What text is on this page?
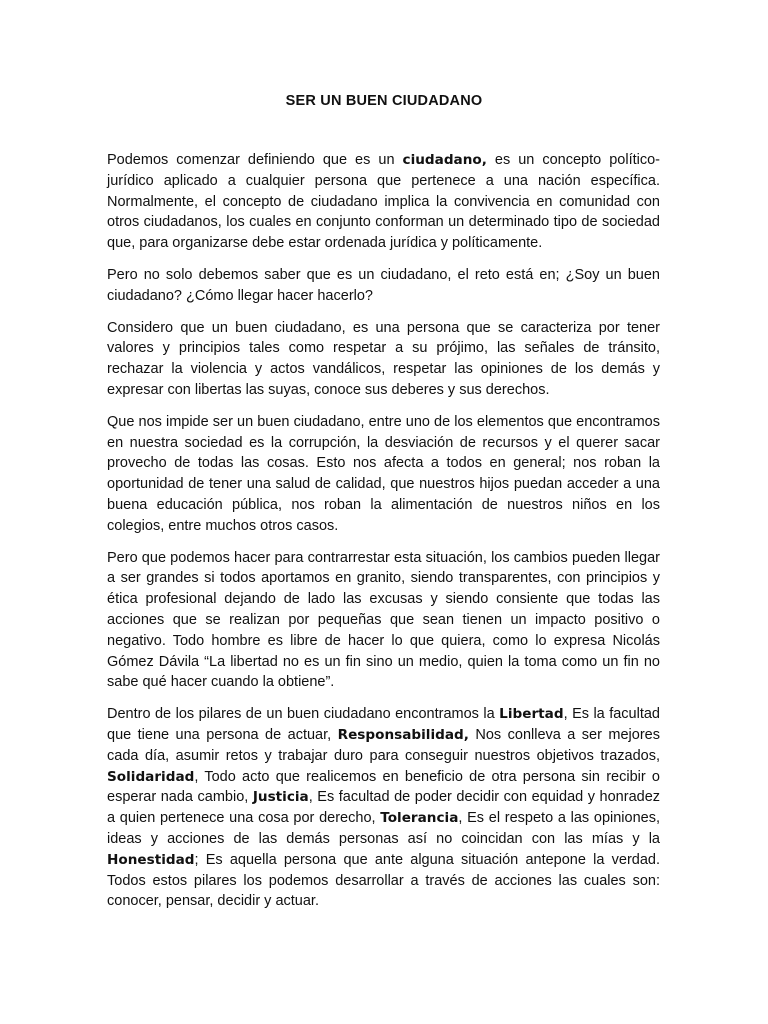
SER UN BUEN CIUDADANO

Podemos comenzar definiendo que es un ciudadano, es un concepto político-jurídico aplicado a cualquier persona que pertenece a una nación específica. Normalmente, el concepto de ciudadano implica la convivencia en comunidad con otros ciudadanos, los cuales en conjunto conforman un determinado tipo de sociedad que, para organizarse debe estar ordenada jurídica y políticamente.

Pero no solo debemos saber que es un ciudadano, el reto está en; ¿Soy un buen ciudadano? ¿Cómo llegar hacer hacerlo?

Considero que un buen ciudadano, es una persona que se caracteriza por tener valores y principios tales como respetar a su prójimo, las señales de tránsito, rechazar la violencia y actos vandálicos, respetar las opiniones de los demás y expresar con libertas las suyas, conoce sus deberes y sus derechos.

Que nos impide ser un buen ciudadano, entre uno de los elementos que encontramos en nuestra sociedad es la corrupción, la desviación de recursos y el querer sacar provecho de todas las cosas. Esto nos afecta a todos en general; nos roban la oportunidad de tener una salud de calidad, que nuestros hijos puedan acceder a una buena educación pública, nos roban la alimentación de nuestros niños en los colegios, entre muchos otros casos.

Pero que podemos hacer para contrarrestar esta situación, los cambios pueden llegar a ser grandes si todos aportamos en granito, siendo transparentes, con principios y ética profesional dejando de lado las excusas y siendo consiente que todas las acciones que se realizan por pequeñas que sean tienen un impacto positivo o negativo. Todo hombre es libre de hacer lo que quiera, como lo expresa Nicolás Gómez Dávila “La libertad no es un fin sino un medio, quien la toma como un fin no sabe qué hacer cuando la obtiene”.

Dentro de los pilares de un buen ciudadano encontramos la Libertad, Es la facultad que tiene una persona de actuar, Responsabilidad, Nos conlleva a ser mejores cada día, asumir retos y trabajar duro para conseguir nuestros objetivos trazados, Solidaridad, Todo acto que realicemos en beneficio de otra persona sin recibir o esperar nada cambio, Justicia, Es facultad de poder decidir con equidad y honradez a quien pertenece una cosa por derecho, Tolerancia, Es el respeto a las opiniones, ideas y acciones de las demás personas así no coincidan con las mías y la Honestidad; Es aquella persona que ante alguna situación antepone la verdad. Todos estos pilares los podemos desarrollar a través de acciones las cuales son: conocer, pensar, decidir y actuar.
